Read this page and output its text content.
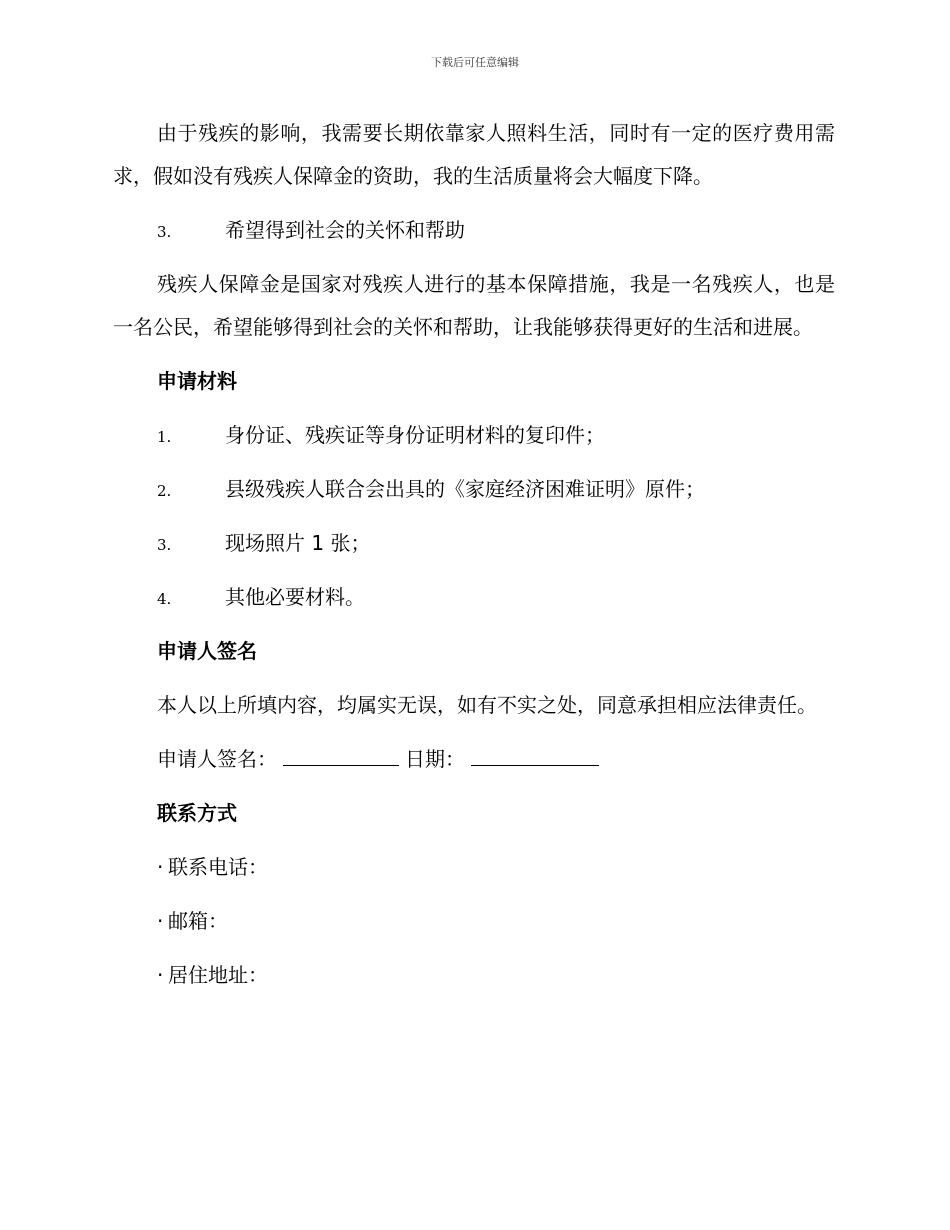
下载后可任意编辑

由于残疾的影响，我需要长期依靠家人照料生活，同时有一定的医疗费用需求，假如没有残疾人保障金的资助，我的生活质量将会大幅度下降。

3.	希望得到社会的关怀和帮助

残疾人保障金是国家对残疾人进行的基本保障措施，我是一名残疾人，也是一名公民，希望能够得到社会的关怀和帮助，让我能够获得更好的生活和进展。

申请材料
1.	身份证、残疾证等身份证明材料的复印件；
2.	县级残疾人联合会出具的《家庭经济困难证明》原件；
3.	现场照片 1 张；
4.	其他必要材料。
申请人签名

本人以上所填内容，均属实无误，如有不实之处，同意承担相应法律责任。

申请人签名：	日期：
联系方式
· 联系电话：
· 邮箱：
· 居住地址：
